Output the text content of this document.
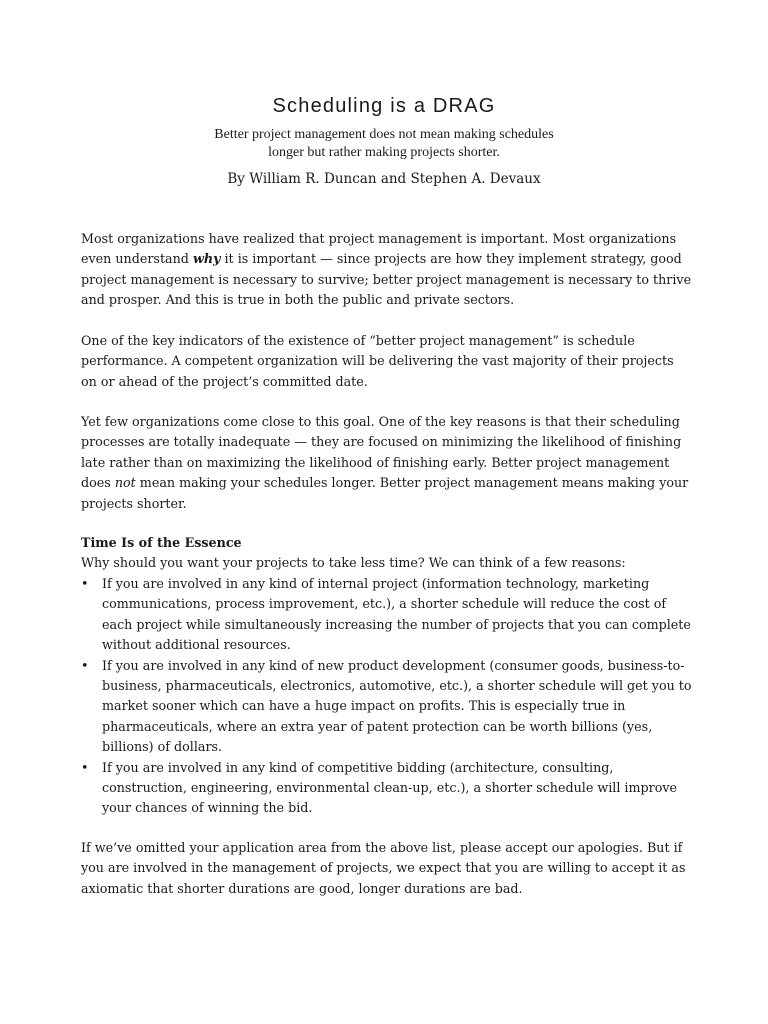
Scheduling is a DRAG
Better project management does not mean making schedules
longer but rather making projects shorter.

By William R. Duncan and Stephen A. Devaux

Most organizations have realized that project management is important. Most organizations even understand why it is important — since projects are how they implement strategy, good project management is necessary to survive; better project management is necessary to thrive and prosper. And this is true in both the public and private sectors.

One of the key indicators of the existence of “better project management” is schedule performance. A competent organization will be delivering the vast majority of their projects on or ahead of the project’s committed date.

Yet few organizations come close to this goal. One of the key reasons is that their scheduling processes are totally inadequate — they are focused on minimizing the likelihood of finishing late rather than on maximizing the likelihood of finishing early. Better project management does not mean making your schedules longer. Better project management means making your projects shorter.

Time Is of the Essence

Why should you want your projects to take less time? We can think of a few reasons:

• If you are involved in any kind of internal project (information technology, marketing communications, process improvement, etc.), a shorter schedule will reduce the cost of each project while simultaneously increasing the number of projects that you can complete without additional resources.
• If you are involved in any kind of new product development (consumer goods, business-to-business, pharmaceuticals, electronics, automotive, etc.), a shorter schedule will get you to market sooner which can have a huge impact on profits. This is especially true in pharmaceuticals, where an extra year of patent protection can be worth billions (yes, billions) of dollars.
• If you are involved in any kind of competitive bidding (architecture, consulting, construction, engineering, environmental clean-up, etc.), a shorter schedule will improve your chances of winning the bid.

If we’ve omitted your application area from the above list, please accept our apologies. But if you are involved in the management of projects, we expect that you are willing to accept it as axiomatic that shorter durations are good, longer durations are bad.
